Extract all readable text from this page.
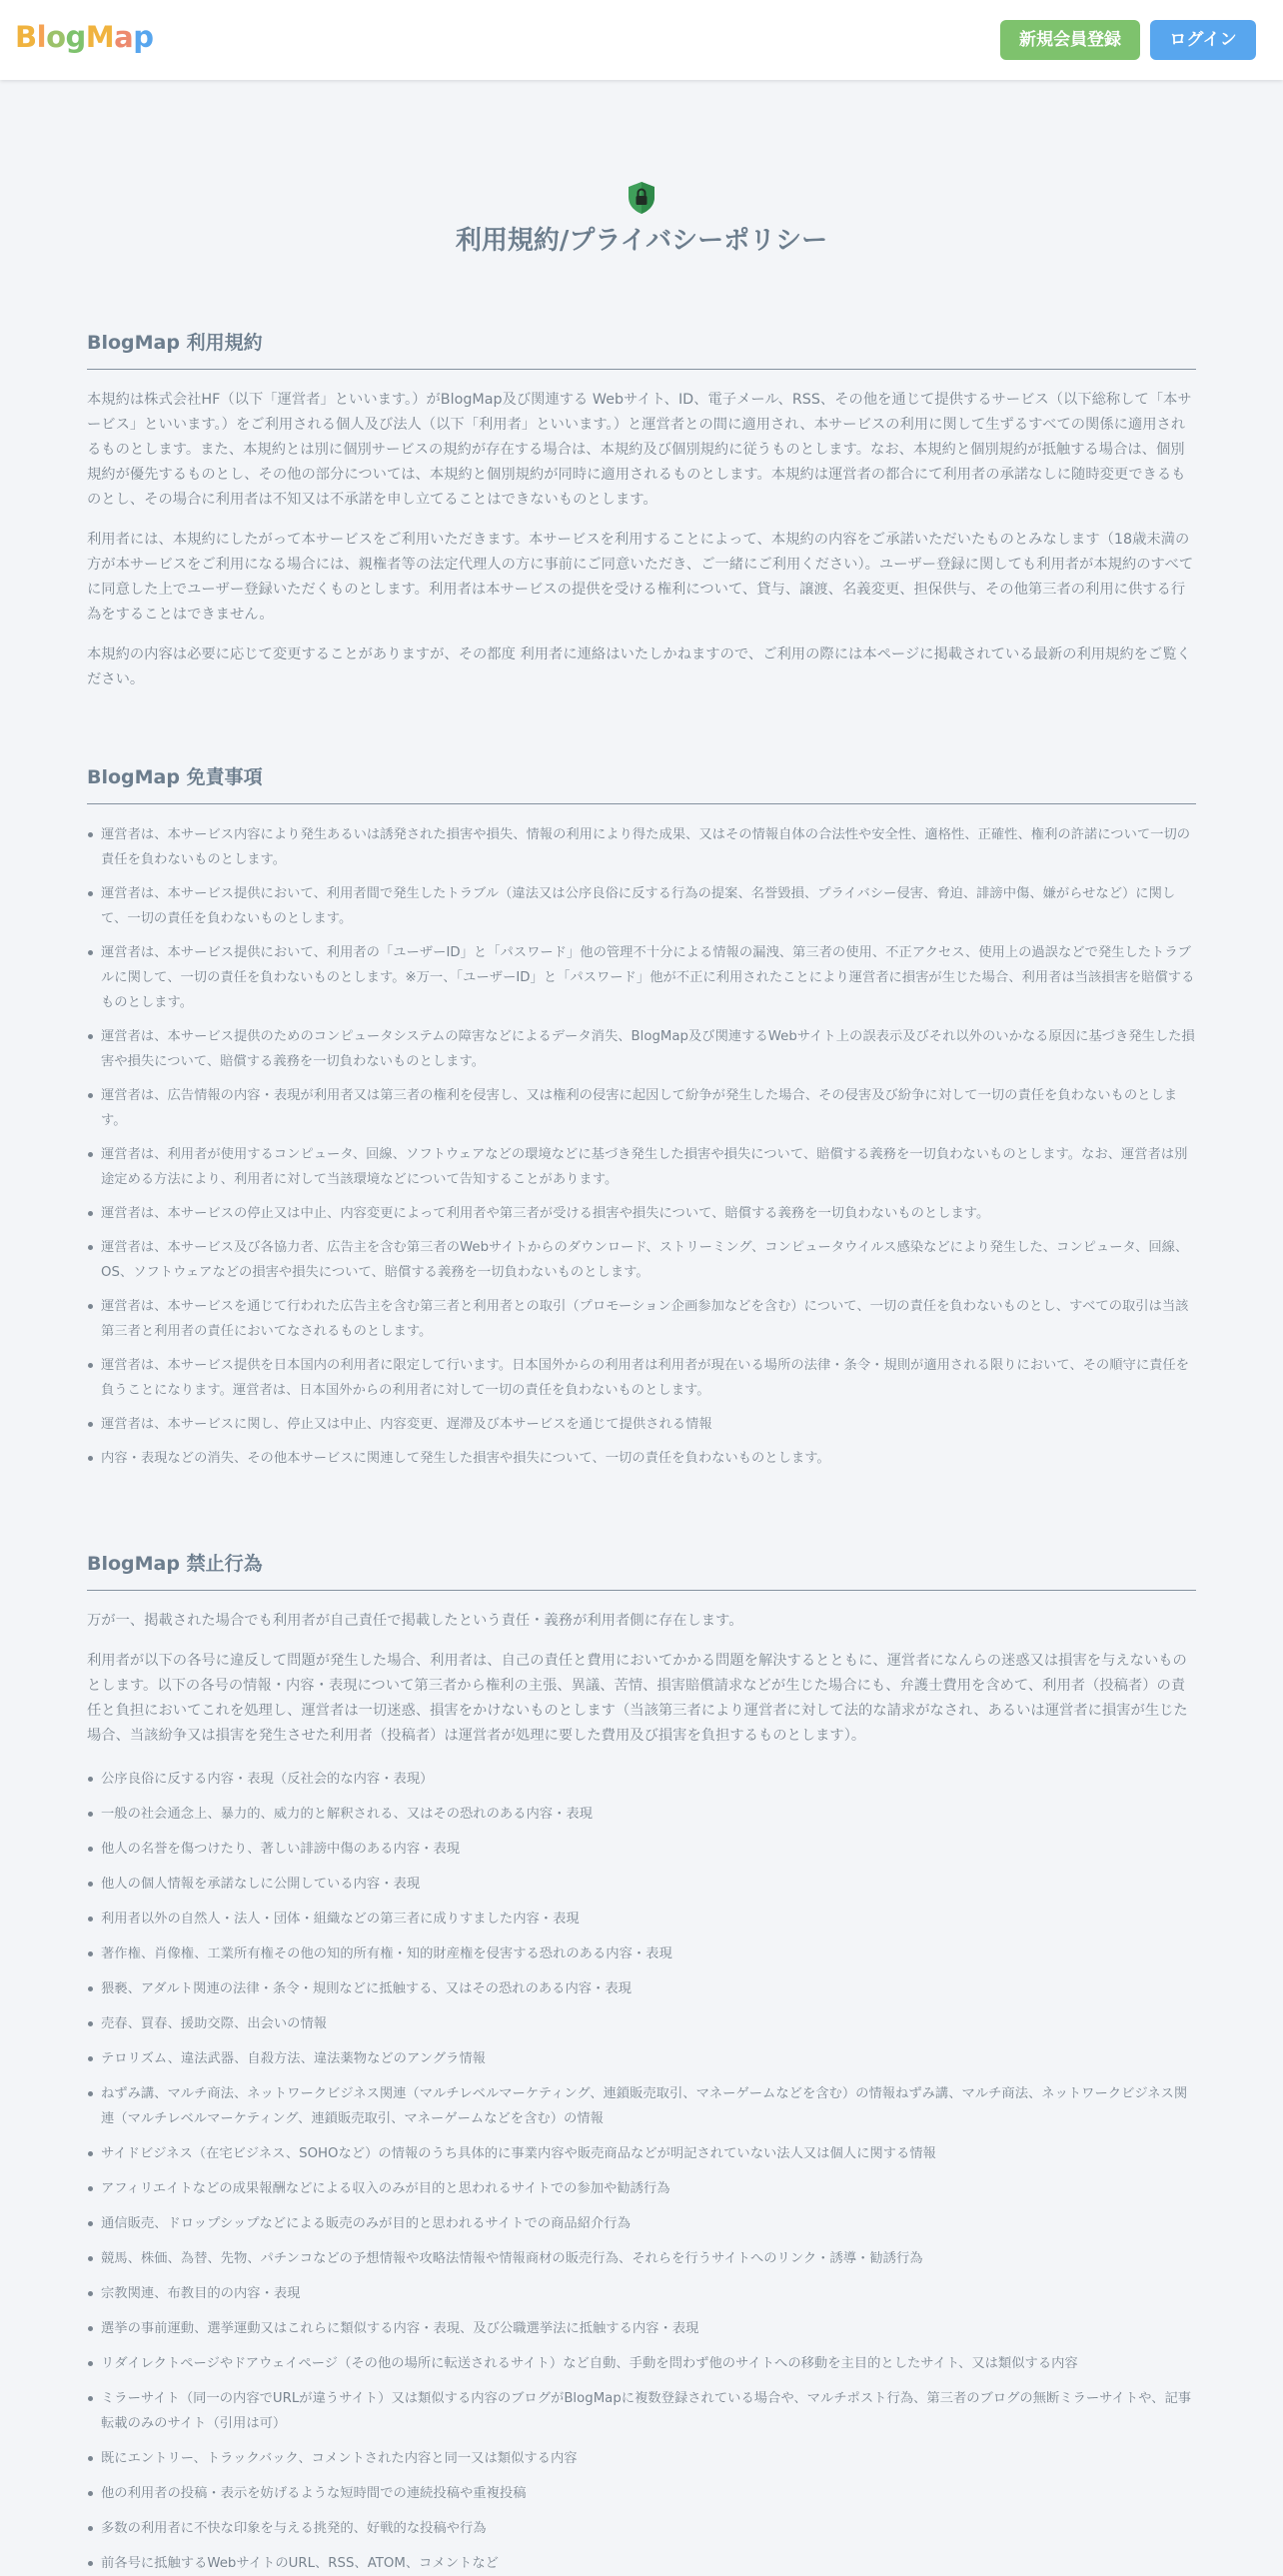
BlogMap	新規会員登録	ログイン
利用規約/プライバシーポリシー
BlogMap 利用規約

本規約は株式会社HF（以下「運営者」といいます。）がBlogMap及び関連する Webサイト、ID、電子メール、RSS、その他を通じて提供するサービス（以下総称して「本サービス」といいます。）をご利用される個人及び法人（以下「利用者」といいます。）と運営者との間に適用され、本サービスの利用に関して生ずるすべての関係に適用されるものとします。また、本規約とは別に個別サービスの規約が存在する場合は、本規約及び個別規約に従うものとします。なお、本規約と個別規約が抵触する場合は、個別規約が優先するものとし、その他の部分については、本規約と個別規約が同時に適用されるものとします。本規約は運営者の都合にて利用者の承諾なしに随時変更できるものとし、その場合に利用者は不知又は不承諾を申し立てることはできないものとします。

利用者には、本規約にしたがって本サービスをご利用いただきます。本サービスを利用することによって、本規約の内容をご承諾いただいたものとみなします（18歳未満の方が本サービスをご利用になる場合には、親権者等の法定代理人の方に事前にご同意いただき、ご一緒にご利用ください）。ユーザー登録に関しても利用者が本規約のすべてに同意した上でユーザー登録いただくものとします。利用者は本サービスの提供を受ける権利について、貸与、譲渡、名義変更、担保供与、その他第三者の利用に供する行為をすることはできません。

本規約の内容は必要に応じて変更することがありますが、その都度 利用者に連絡はいたしかねますので、ご利用の際には本ページに掲載されている最新の利用規約をご覧ください。

BlogMap 免責事項
運営者は、本サービス内容により発生あるいは誘発された損害や損失、情報の利用により得た成果、又はその情報自体の合法性や安全性、適格性、正確性、権利の許諾について一切の責任を負わないものとします。
運営者は、本サービス提供において、利用者間で発生したトラブル（違法又は公序良俗に反する行為の提案、名誉毀損、プライバシー侵害、脅迫、誹謗中傷、嫌がらせなど）に関して、一切の責任を負わないものとします。
運営者は、本サービス提供において、利用者の「ユーザーID」と「パスワード」他の管理不十分による情報の漏洩、第三者の使用、不正アクセス、使用上の過誤などで発生したトラブルに関して、一切の責任を負わないものとします。※万一、「ユーザーID」と「パスワード」他が不正に利用されたことにより運営者に損害が生じた場合、利用者は当該損害を賠償するものとします。
運営者は、本サービス提供のためのコンピュータシステムの障害などによるデータ消失、BlogMap及び関連するWebサイト上の誤表示及びそれ以外のいかなる原因に基づき発生した損害や損失について、賠償する義務を一切負わないものとします。
運営者は、広告情報の内容・表現が利用者又は第三者の権利を侵害し、又は権利の侵害に起因して紛争が発生した場合、その侵害及び紛争に対して一切の責任を負わないものとします。
運営者は、利用者が使用するコンピュータ、回線、ソフトウェアなどの環境などに基づき発生した損害や損失について、賠償する義務を一切負わないものとします。なお、運営者は別途定める方法により、利用者に対して当該環境などについて告知することがあります。
運営者は、本サービスの停止又は中止、内容変更によって利用者や第三者が受ける損害や損失について、賠償する義務を一切負わないものとします。
運営者は、本サービス及び各協力者、広告主を含む第三者のWebサイトからのダウンロード、ストリーミング、コンピュータウイルス感染などにより発生した、コンピュータ、回線、OS、ソフトウェアなどの損害や損失について、賠償する義務を一切負わないものとします。
運営者は、本サービスを通じて行われた広告主を含む第三者と利用者との取引（プロモーション企画参加などを含む）について、一切の責任を負わないものとし、すべての取引は当該第三者と利用者の責任においてなされるものとします。
運営者は、本サービス提供を日本国内の利用者に限定して行います。日本国外からの利用者は利用者が現在いる場所の法律・条令・規則が適用される限りにおいて、その順守に責任を負うことになります。運営者は、日本国外からの利用者に対して一切の責任を負わないものとします。
運営者は、本サービスに関し、停止又は中止、内容変更、遅滞及び本サービスを通じて提供される情報
内容・表現などの消失、その他本サービスに関連して発生した損害や損失について、一切の責任を負わないものとします。
BlogMap 禁止行為

万が一、掲載された場合でも利用者が自己責任で掲載したという責任・義務が利用者側に存在します。

利用者が以下の各号に違反して問題が発生した場合、利用者は、自己の責任と費用においてかかる問題を解決するとともに、運営者になんらの迷惑又は損害を与えないものとします。以下の各号の情報・内容・表現について第三者から権利の主張、異議、苦情、損害賠償請求などが生じた場合にも、弁護士費用を含めて、利用者（投稿者）の責任と負担においてこれを処理し、運営者は一切迷惑、損害をかけないものとします（当該第三者により運営者に対して法的な請求がなされ、あるいは運営者に損害が生じた場合、当該紛争又は損害を発生させた利用者（投稿者）は運営者が処理に要した費用及び損害を負担するものとします）。

公序良俗に反する内容・表現（反社会的な内容・表現）
一般の社会通念上、暴力的、威力的と解釈される、又はその恐れのある内容・表現
他人の名誉を傷つけたり、著しい誹謗中傷のある内容・表現
他人の個人情報を承諾なしに公開している内容・表現
利用者以外の自然人・法人・団体・組織などの第三者に成りすました内容・表現
著作権、肖像権、工業所有権その他の知的所有権・知的財産権を侵害する恐れのある内容・表現
猥褻、アダルト関連の法律・条令・規則などに抵触する、又はその恐れのある内容・表現
売春、買春、援助交際、出会いの情報
テロリズム、違法武器、自殺方法、違法薬物などのアングラ情報
ねずみ講、マルチ商法、ネットワークビジネス関連（マルチレベルマーケティング、連鎖販売取引、マネーゲームなどを含む）の情報ねずみ講、マルチ商法、ネットワークビジネス関連（マルチレベルマーケティング、連鎖販売取引、マネーゲームなどを含む）の情報
サイドビジネス（在宅ビジネス、SOHOなど）の情報のうち具体的に事業内容や販売商品などが明記されていない法人又は個人に関する情報
アフィリエイトなどの成果報酬などによる収入のみが目的と思われるサイトでの参加や勧誘行為
通信販売、ドロップシップなどによる販売のみが目的と思われるサイトでの商品紹介行為
競馬、株価、為替、先物、パチンコなどの予想情報や攻略法情報や情報商材の販売行為、それらを行うサイトへのリンク・誘導・勧誘行為
宗教関連、布教目的の内容・表現
選挙の事前運動、選挙運動又はこれらに類似する内容・表現、及び公職選挙法に抵触する内容・表現
リダイレクトページやドアウェイページ（その他の場所に転送されるサイト）など自動、手動を問わず他のサイトへの移動を主目的としたサイト、又は類似する内容
ミラーサイト（同一の内容でURLが違うサイト）又は類似する内容のブログがBlogMapに複数登録されている場合や、マルチポスト行為、第三者のブログの無断ミラーサイトや、記事転載のみのサイト（引用は可）
既にエントリー、トラックバック、コメントされた内容と同一又は類似する内容
他の利用者の投稿・表示を妨げるような短時間での連続投稿や重複投稿
多数の利用者に不快な印象を与える挑発的、好戦的な投稿や行為
前各号に抵触するWebサイトのURL、RSS、ATOM、コメントなど
